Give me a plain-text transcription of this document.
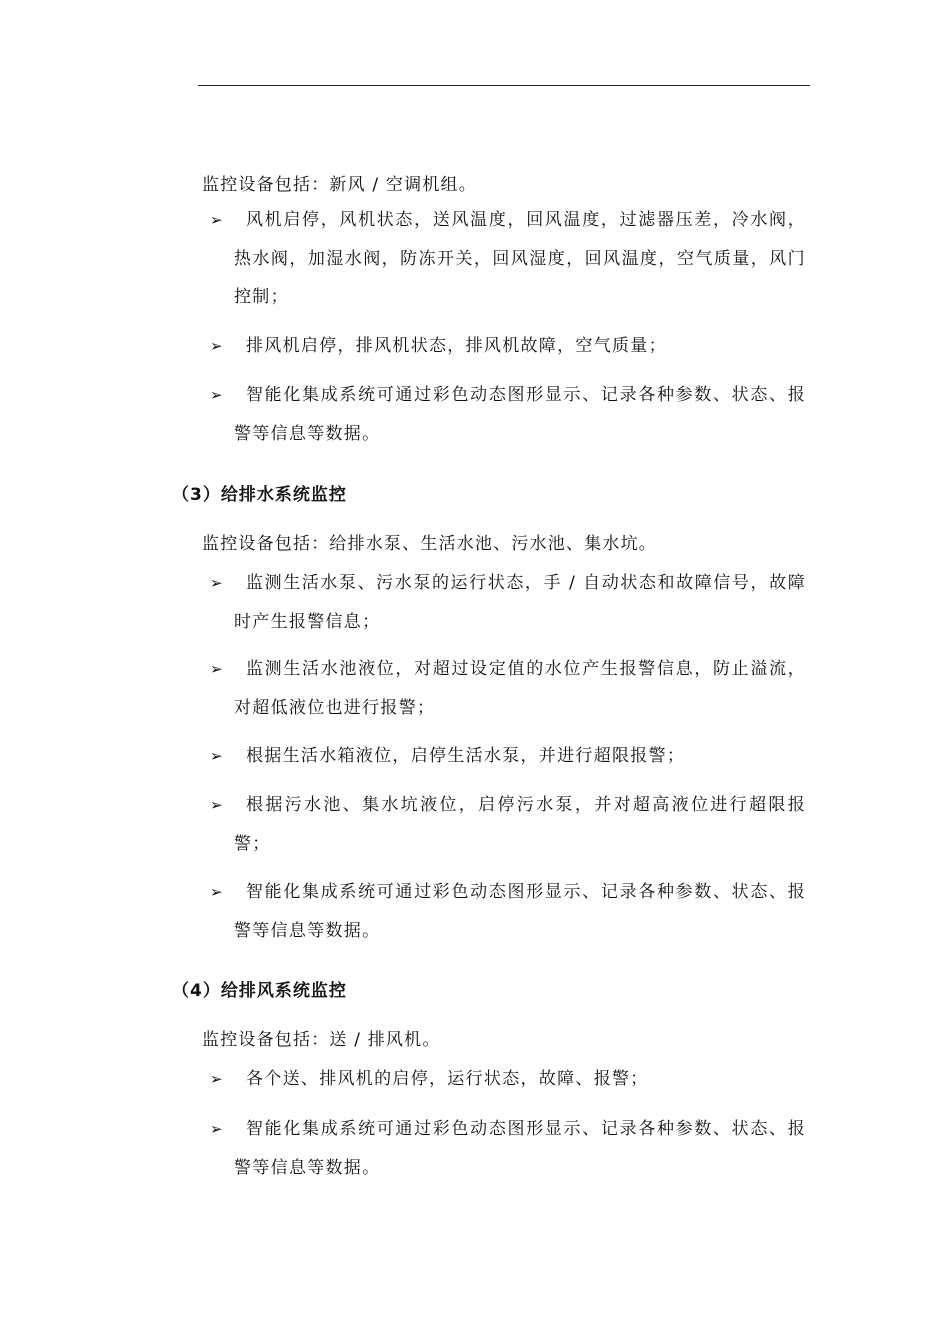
监控设备包括：新风 / 空调机组。
➢	风机启停，风机状态，送风温度，回风温度，过滤器压差，冷水阀，热水阀，加湿水阀，防冻开关，回风湿度，回风温度，空气质量，风门控制；
➢	排风机启停，排风机状态，排风机故障，空气质量；
➢	智能化集成系统可通过彩色动态图形显示、记录各种参数、状态、报警等信息等数据。
（3）给排水系统监控
监控设备包括：给排水泵、生活水池、污水池、集水坑。
➢	监测生活水泵、污水泵的运行状态，手 / 自动状态和故障信号，故障时产生报警信息；
➢	监测生活水池液位，对超过设定值的水位产生报警信息，防止溢流，对超低液位也进行报警；
➢	根据生活水箱液位，启停生活水泵，并进行超限报警；
➢	根据污水池、集水坑液位，启停污水泵，并对超高液位进行超限报警；
➢	智能化集成系统可通过彩色动态图形显示、记录各种参数、状态、报警等信息等数据。
（4）给排风系统监控
监控设备包括：送 / 排风机。
➢	各个送、排风机的启停，运行状态，故障、报警；
➢	智能化集成系统可通过彩色动态图形显示、记录各种参数、状态、报警等信息等数据。
